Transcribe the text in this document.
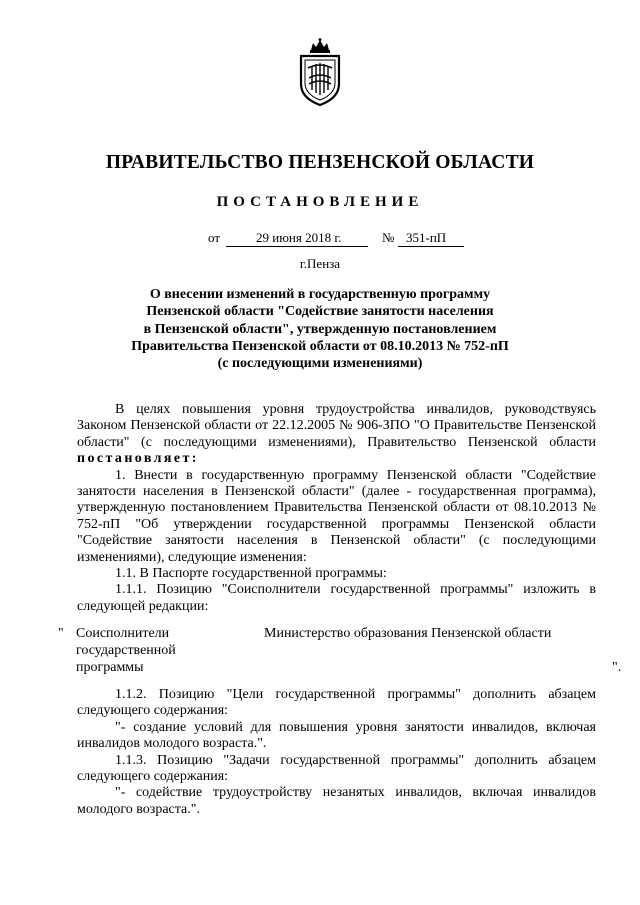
ПРАВИТЕЛЬСТВО ПЕНЗЕНСКОЙ ОБЛАСТИ
ПОСТАНОВЛЕНИЕ
от	29 июня 2018 г.	№ 351-пП
г.Пенза
О внесении изменений в государственную программу
Пензенской области "Содействие занятости населения
в Пензенской области", утвержденную постановлением
Правительства Пензенской области от 08.10.2013 № 752-пП
(с последующими изменениями)

В целях повышения уровня трудоустройства инвалидов, руководствуясь Законом Пензенской области от 22.12.2005 № 906-ЗПО "О Правительстве Пензенской области" (с последующими изменениями), Правительство Пензенской области постановляет:

1. Внести в государственную программу Пензенской области "Содействие занятости населения в Пензенской области" (далее - государственная программа), утвержденную постановлением Правительства Пензенской области от 08.10.2013 № 752-пП "Об утверждении государственной программы Пензенской области "Содействие занятости населения в Пензенской области" (с последующими изменениями), следующие изменения:

1.1. В Паспорте государственной программы:

1.1.1. Позицию "Соисполнители государственной программы" изложить в следующей редакции:

" Соисполнители государственной программы
Министерство образования Пензенской области
".

1.1.2. Позицию "Цели государственной программы" дополнить абзацем следующего содержания:

"- создание условий для повышения уровня занятости инвалидов, включая инвалидов молодого возраста.".

1.1.3. Позицию "Задачи государственной программы" дополнить абзацем следующего содержания:

"- содействие трудоустройству незанятых инвалидов, включая инвалидов молодого возраста.".
